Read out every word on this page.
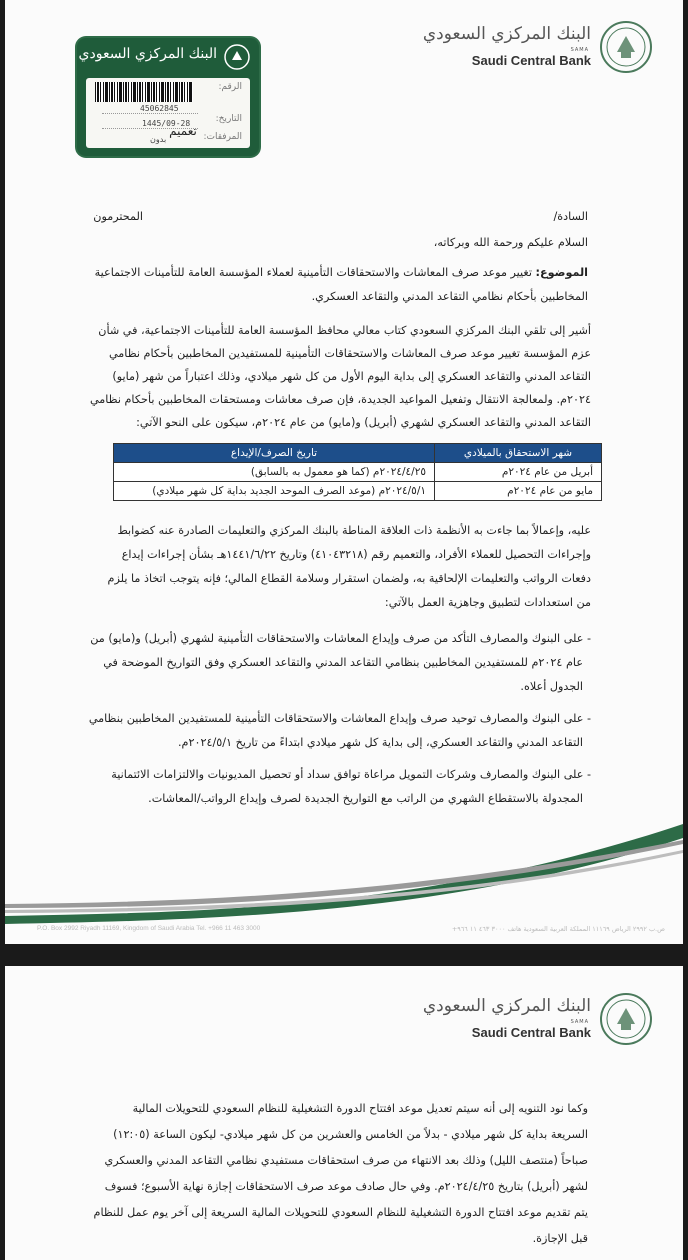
البنك المركزي السعودي
SAMA
Saudi Central Bank
البنك المركزي السعودي
الرقم:
45062845
التاريخ:
1445/09-28
المرفقات:
بدون
تعميم
السادة/
المحترمون
السلام عليكم ورحمة الله وبركاته،
الموضوع: تغيير موعد صرف المعاشات والاستحقاقات التأمينية لعملاء المؤسسة العامة للتأمينات الاجتماعية
المخاطبين بأحكام نظامي التقاعد المدني والتقاعد العسكري.
أشير إلى تلقي البنك المركزي السعودي كتاب معالي محافظ المؤسسة العامة للتأمينات الاجتماعية، في شأن
عزم المؤسسة تغيير موعد صرف المعاشات والاستحقاقات التأمينية للمستفيدين المخاطبين بأحكام نظامي
التقاعد المدني والتقاعد العسكري إلى بداية اليوم الأول من كل شهر ميلادي، وذلك اعتباراً من شهر (مايو)
٢٠٢٤م. ولمعالجة الانتقال وتفعيل المواعيد الجديدة، فإن صرف معاشات ومستحقات المخاطبين بأحكام نظامي
التقاعد المدني والتقاعد العسكري لشهري (أبريل) و(مايو) من عام ٢٠٢٤م، سيكون على النحو الآتي:
شهر الاستحقاق بالميلادي	تاريخ الصرف/الإيداع
أبريل من عام ٢٠٢٤م	٢٠٢٤/٤/٢٥م (كما هو معمول به بالسابق)
مايو من عام ٢٠٢٤م	٢٠٢٤/٥/١م (موعد الصرف الموحد الجديد بداية كل شهر ميلادي)
عليه، وإعمالاً بما جاءت به الأنظمة ذات العلاقة المناطة بالبنك المركزي والتعليمات الصادرة عنه كضوابط
وإجراءات التحصيل للعملاء الأفراد، والتعميم رقم (٤١٠٤٣٢١٨) وتاريخ ١٤٤١/٦/٢٢هـ بشأن إجراءات إيداع
دفعات الرواتب والتعليمات الإلحاقية به، ولضمان استقرار وسلامة القطاع المالي؛ فإنه يتوجب اتخاذ ما يلزم
من استعدادات لتطبيق وجاهزية العمل بالآتي:
- على البنوك والمصارف التأكد من صرف وإيداع المعاشات والاستحقاقات التأمينية لشهري (أبريل) و(مايو) من
عام ٢٠٢٤م للمستفيدين المخاطبين بنظامي التقاعد المدني والتقاعد العسكري وفق التواريخ الموضحة في
الجدول أعلاه.
- على البنوك والمصارف توحيد صرف وإيداع المعاشات والاستحقاقات التأمينية للمستفيدين المخاطبين بنظامي
التقاعد المدني والتقاعد العسكري، إلى بداية كل شهر ميلادي ابتداءً من تاريخ ٢٠٢٤/٥/١م.
- على البنوك والمصارف وشركات التمويل مراعاة توافق سداد أو تحصيل المديونيات والالتزامات الائتمانية
المجدولة بالاستقطاع الشهري من الراتب مع التواريخ الجديدة لصرف وإيداع الرواتب/المعاشات.
P.O. Box 2992 Riyadh 11169, Kingdom of Saudi Arabia Tel. +966 11 463 3000	ص.ب ٢٩٩٢ الرياض ١١١٦٩ المملكة العربية السعودية هاتف ٣٠٠٠ ٤٦٣ ١١ ٩٦٦+
البنك المركزي السعودي
SAMA
Saudi Central Bank
وكما نود التنويه إلى أنه سيتم تعديل موعد افتتاح الدورة التشغيلية للنظام السعودي للتحويلات المالية
السريعة بداية كل شهر ميلادي - بدلاً من الخامس والعشرين من كل شهر ميلادي- ليكون الساعة (١٢:٠٥)
صباحاً (منتصف الليل) وذلك بعد الانتهاء من صرف استحقاقات مستفيدي نظامي التقاعد المدني والعسكري
لشهر (أبريل) بتاريخ ٢٠٢٤/٤/٢٥م. وفي حال صادف موعد صرف الاستحقاقات إجازة نهاية الأسبوع؛ فسوف
يتم تقديم موعد افتتاح الدورة التشغيلية للنظام السعودي للتحويلات المالية السريعة إلى آخر يوم عمل للنظام
قبل الإجازة.
